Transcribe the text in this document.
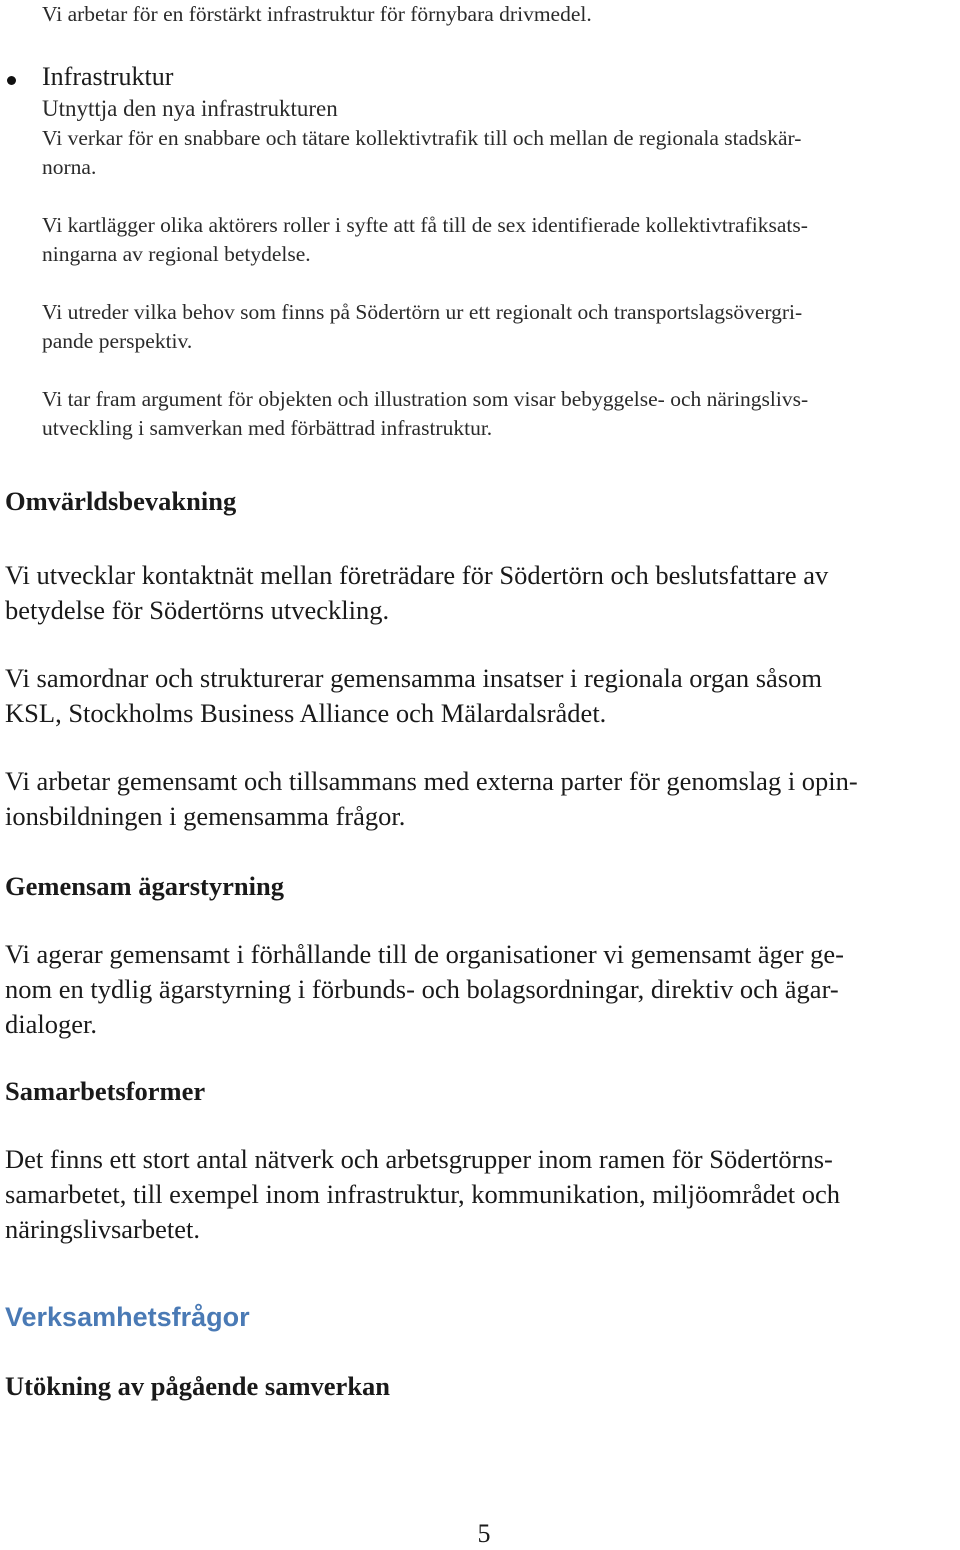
Vi arbetar för en förstärkt infrastruktur för förnybara drivmedel.

Infrastruktur

Utnyttja den nya infrastrukturen

Vi verkar för en snabbare och tätare kollektivtrafik till och mellan de regionala stadskär-

norna.

Vi kartlägger olika aktörers roller i syfte att få till de sex identifierade kollektivtrafiksats-

ningarna av regional betydelse.

Vi utreder vilka behov som finns på Södertörn ur ett regionalt och transportslagsövergri-

pande perspektiv.

Vi tar fram argument för objekten och illustration som visar bebyggelse- och näringslivs-

utveckling i samverkan med förbättrad infrastruktur.

Omvärldsbevakning

Vi utvecklar kontaktnät mellan företrädare för Södertörn och beslutsfattare av

betydelse för Södertörns utveckling.

Vi samordnar och strukturerar gemensamma insatser i regionala organ såsom

KSL, Stockholms Business Alliance och Mälardalsrådet.

Vi arbetar gemensamt och tillsammans med externa parter för genomslag i opin-

ionsbildningen i gemensamma frågor.

Gemensam ägarstyrning

Vi agerar gemensamt i förhållande till de organisationer vi gemensamt äger ge-

nom en tydlig ägarstyrning i förbunds- och bolagsordningar, direktiv och ägar-

dialoger.

Samarbetsformer

Det finns ett stort antal nätverk och arbetsgrupper inom ramen för Södertörns-

samarbetet, till exempel inom infrastruktur, kommunikation, miljöområdet och

näringslivsarbetet.

Verksamhetsfrågor
Utökning av pågående samverkan

5
